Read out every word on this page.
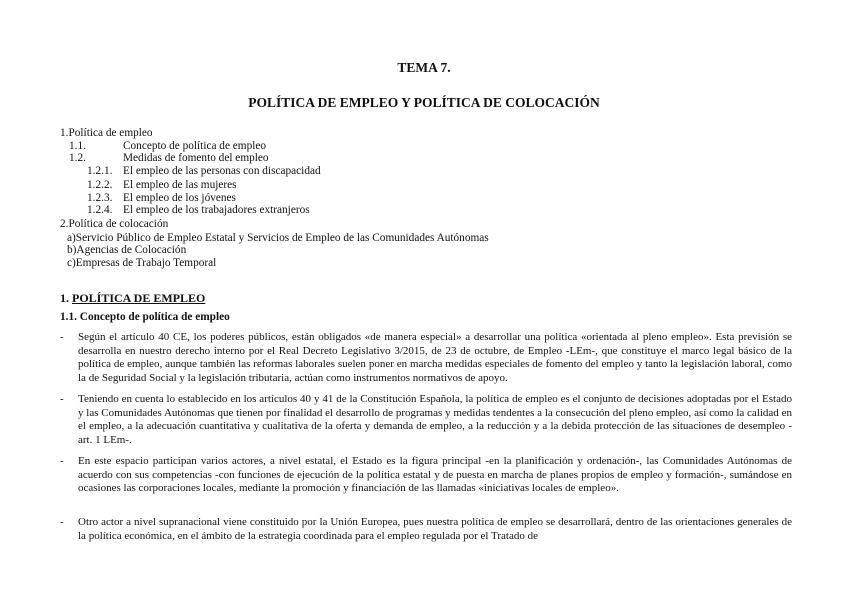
TEMA 7.
POLÍTICA DE EMPLEO Y POLÍTICA DE COLOCACIÓN
1.Política de empleo
1.1.	Concepto de política de empleo
1.2.	Medidas de fomento del empleo
1.2.1. El empleo de las personas con discapacidad
1.2.2. El empleo de las mujeres
1.2.3. El empleo de los jóvenes
1.2.4. El empleo de los trabajadores extranjeros
2.Política de colocación
a)Servicio Público de Empleo Estatal y Servicios de Empleo de las Comunidades Autónomas
b)Agencias de Colocación
c)Empresas de Trabajo Temporal
1. POLÍTICA DE EMPLEO
1.1. Concepto de política de empleo
- Según el artículo 40 CE, los poderes públicos, están obligados «de manera especial» a desarrollar una política «orientada al pleno empleo». Esta previsión se desarrolla en nuestro derecho interno por el Real Decreto Legislativo 3/2015, de 23 de octubre, de Empleo -LEm-, que constituye el marco legal básico de la política de empleo, aunque también las reformas laborales suelen poner en marcha medidas especiales de fomento del empleo y tanto la legislación laboral, como la de Seguridad Social y la legislación tributaria, actúan como instrumentos normativos de apoyo.
- Teniendo en cuenta lo establecido en los artículos 40 y 41 de la Constitución Española, la política de empleo es el conjunto de decisiones adoptadas por el Estado y las Comunidades Autónomas que tienen por finalidad el desarrollo de programas y medidas tendentes a la consecución del pleno empleo, así como la calidad en el empleo, a la adecuación cuantitativa y cualitativa de la oferta y demanda de empleo, a la reducción y a la debida protección de las situaciones de desempleo -art. 1 LEm-.
- En este espacio participan varios actores, a nivel estatal, el Estado es la figura principal -en la planificación y ordenación-, las Comunidades Autónomas de acuerdo con sus competencias -con funciones de ejecución de la política estatal y de puesta en marcha de planes propios de empleo y formación-, sumándose en ocasiones las corporaciones locales, mediante la promoción y financiación de las llamadas «iniciativas locales de empleo».
- Otro actor a nivel supranacional viene constituido por la Unión Europea, pues nuestra política de empleo se desarrollará, dentro de las orientaciones generales de la política económica, en el ámbito de la estrategia coordinada para el empleo regulada por el Tratado de
